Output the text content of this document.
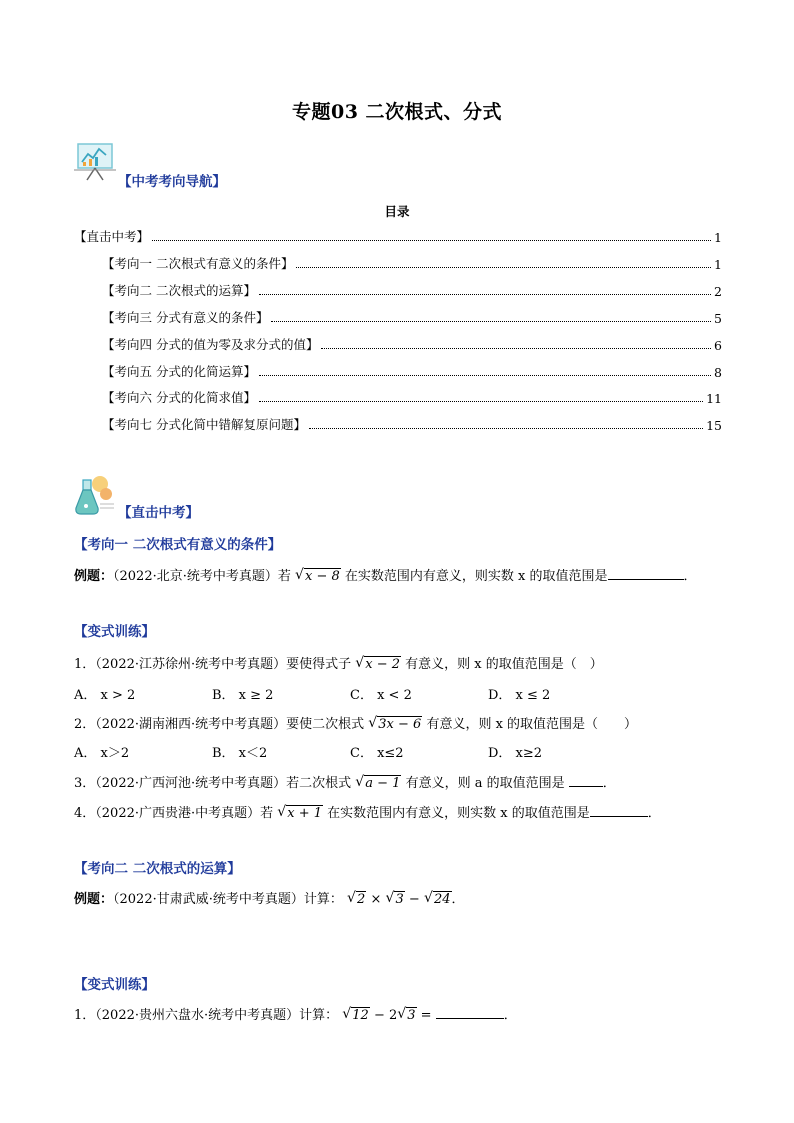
专题03 二次根式、分式
【中考考向导航】
目录
【直击中考】	1
【考向一 二次根式有意义的条件】	1
【考向二 二次根式的运算】	2
【考向三 分式有意义的条件】	5
【考向四 分式的值为零及求分式的值】	6
【考向五 分式的化简运算】	8
【考向六 分式的化简求值】	11
【考向七 分式化简中错解复原问题】	15
【直击中考】
【考向一 二次根式有意义的条件】
例题：（2022·北京·统考中考真题）若 √ x − 8 在实数范围内有意义，则实数 x 的取值范围是	．
【变式训练】
1．（2022·江苏徐州·统考中考真题）要使得式子 √ x − 2 有意义，则 x 的取值范围是（　）
A． x > 2	B． x ≥ 2	C． x < 2	D． x ≤ 2
2．（2022·湖南湘西·统考中考真题）要使二次根式 √ 3x − 6 有意义，则 x 的取值范围是（　　）
A． x＞2	B． x＜2	C． x≤2	D． x≥2
3．（2022·广西河池·统考中考真题）若二次根式 √ a − 1 有意义，则 a 的取值范围是	．
4．（2022·广西贵港·中考真题）若 √ x + 1 在实数范围内有意义，则实数 x 的取值范围是	．
【考向二 二次根式的运算】
例题：（2022·甘肃武威·统考中考真题）计算： √ 2 × √ 3 − √ 24．
【变式训练】
1．（2022·贵州六盘水·统考中考真题）计算： √ 12 − 2 √ 3 =	．
